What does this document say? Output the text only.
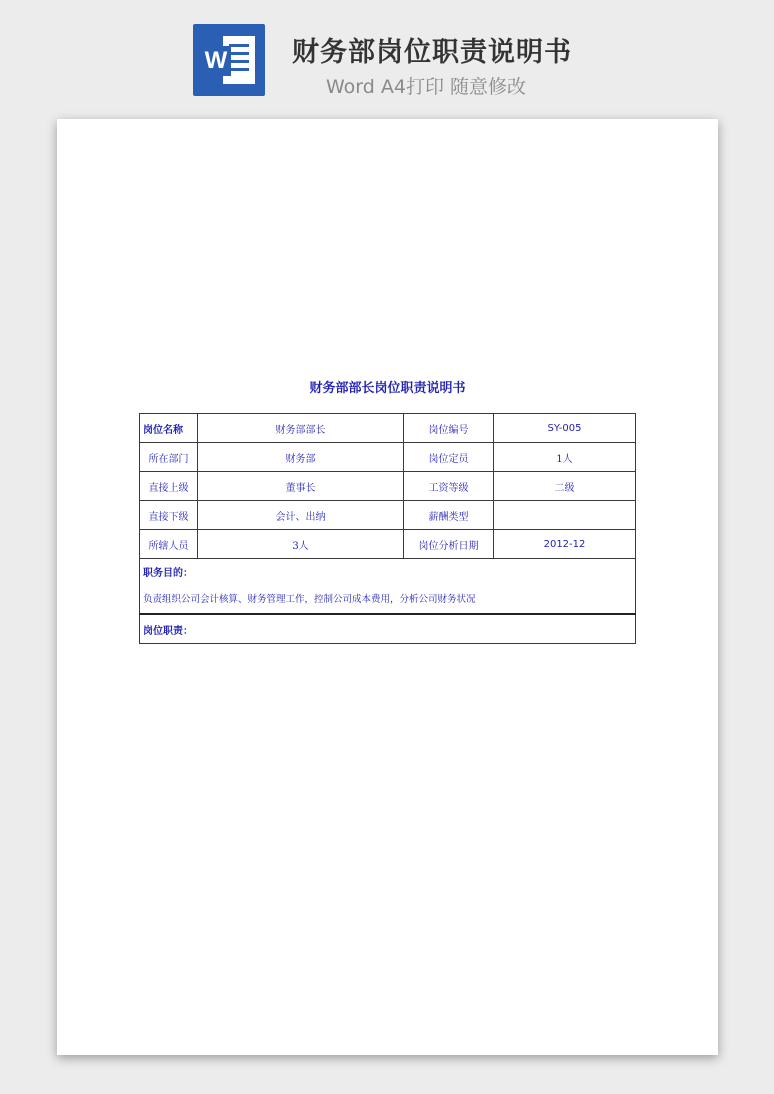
W 财务部岗位职责说明书
Word A4打印 随意修改
财务部部长岗位职责说明书
岗位名称	财务部部长	岗位编号	SY-005
所在部门	财务部	岗位定员	1人
直接上级	董事长	工资等级	二级
直接下级	会计、出纳	薪酬类型	
所辖人员	3人	岗位分析日期	2012-12
职务目的：			
负责组织公司会计核算、财务管理工作，控制公司成本费用，分析公司财务状况			
岗位职责：			
